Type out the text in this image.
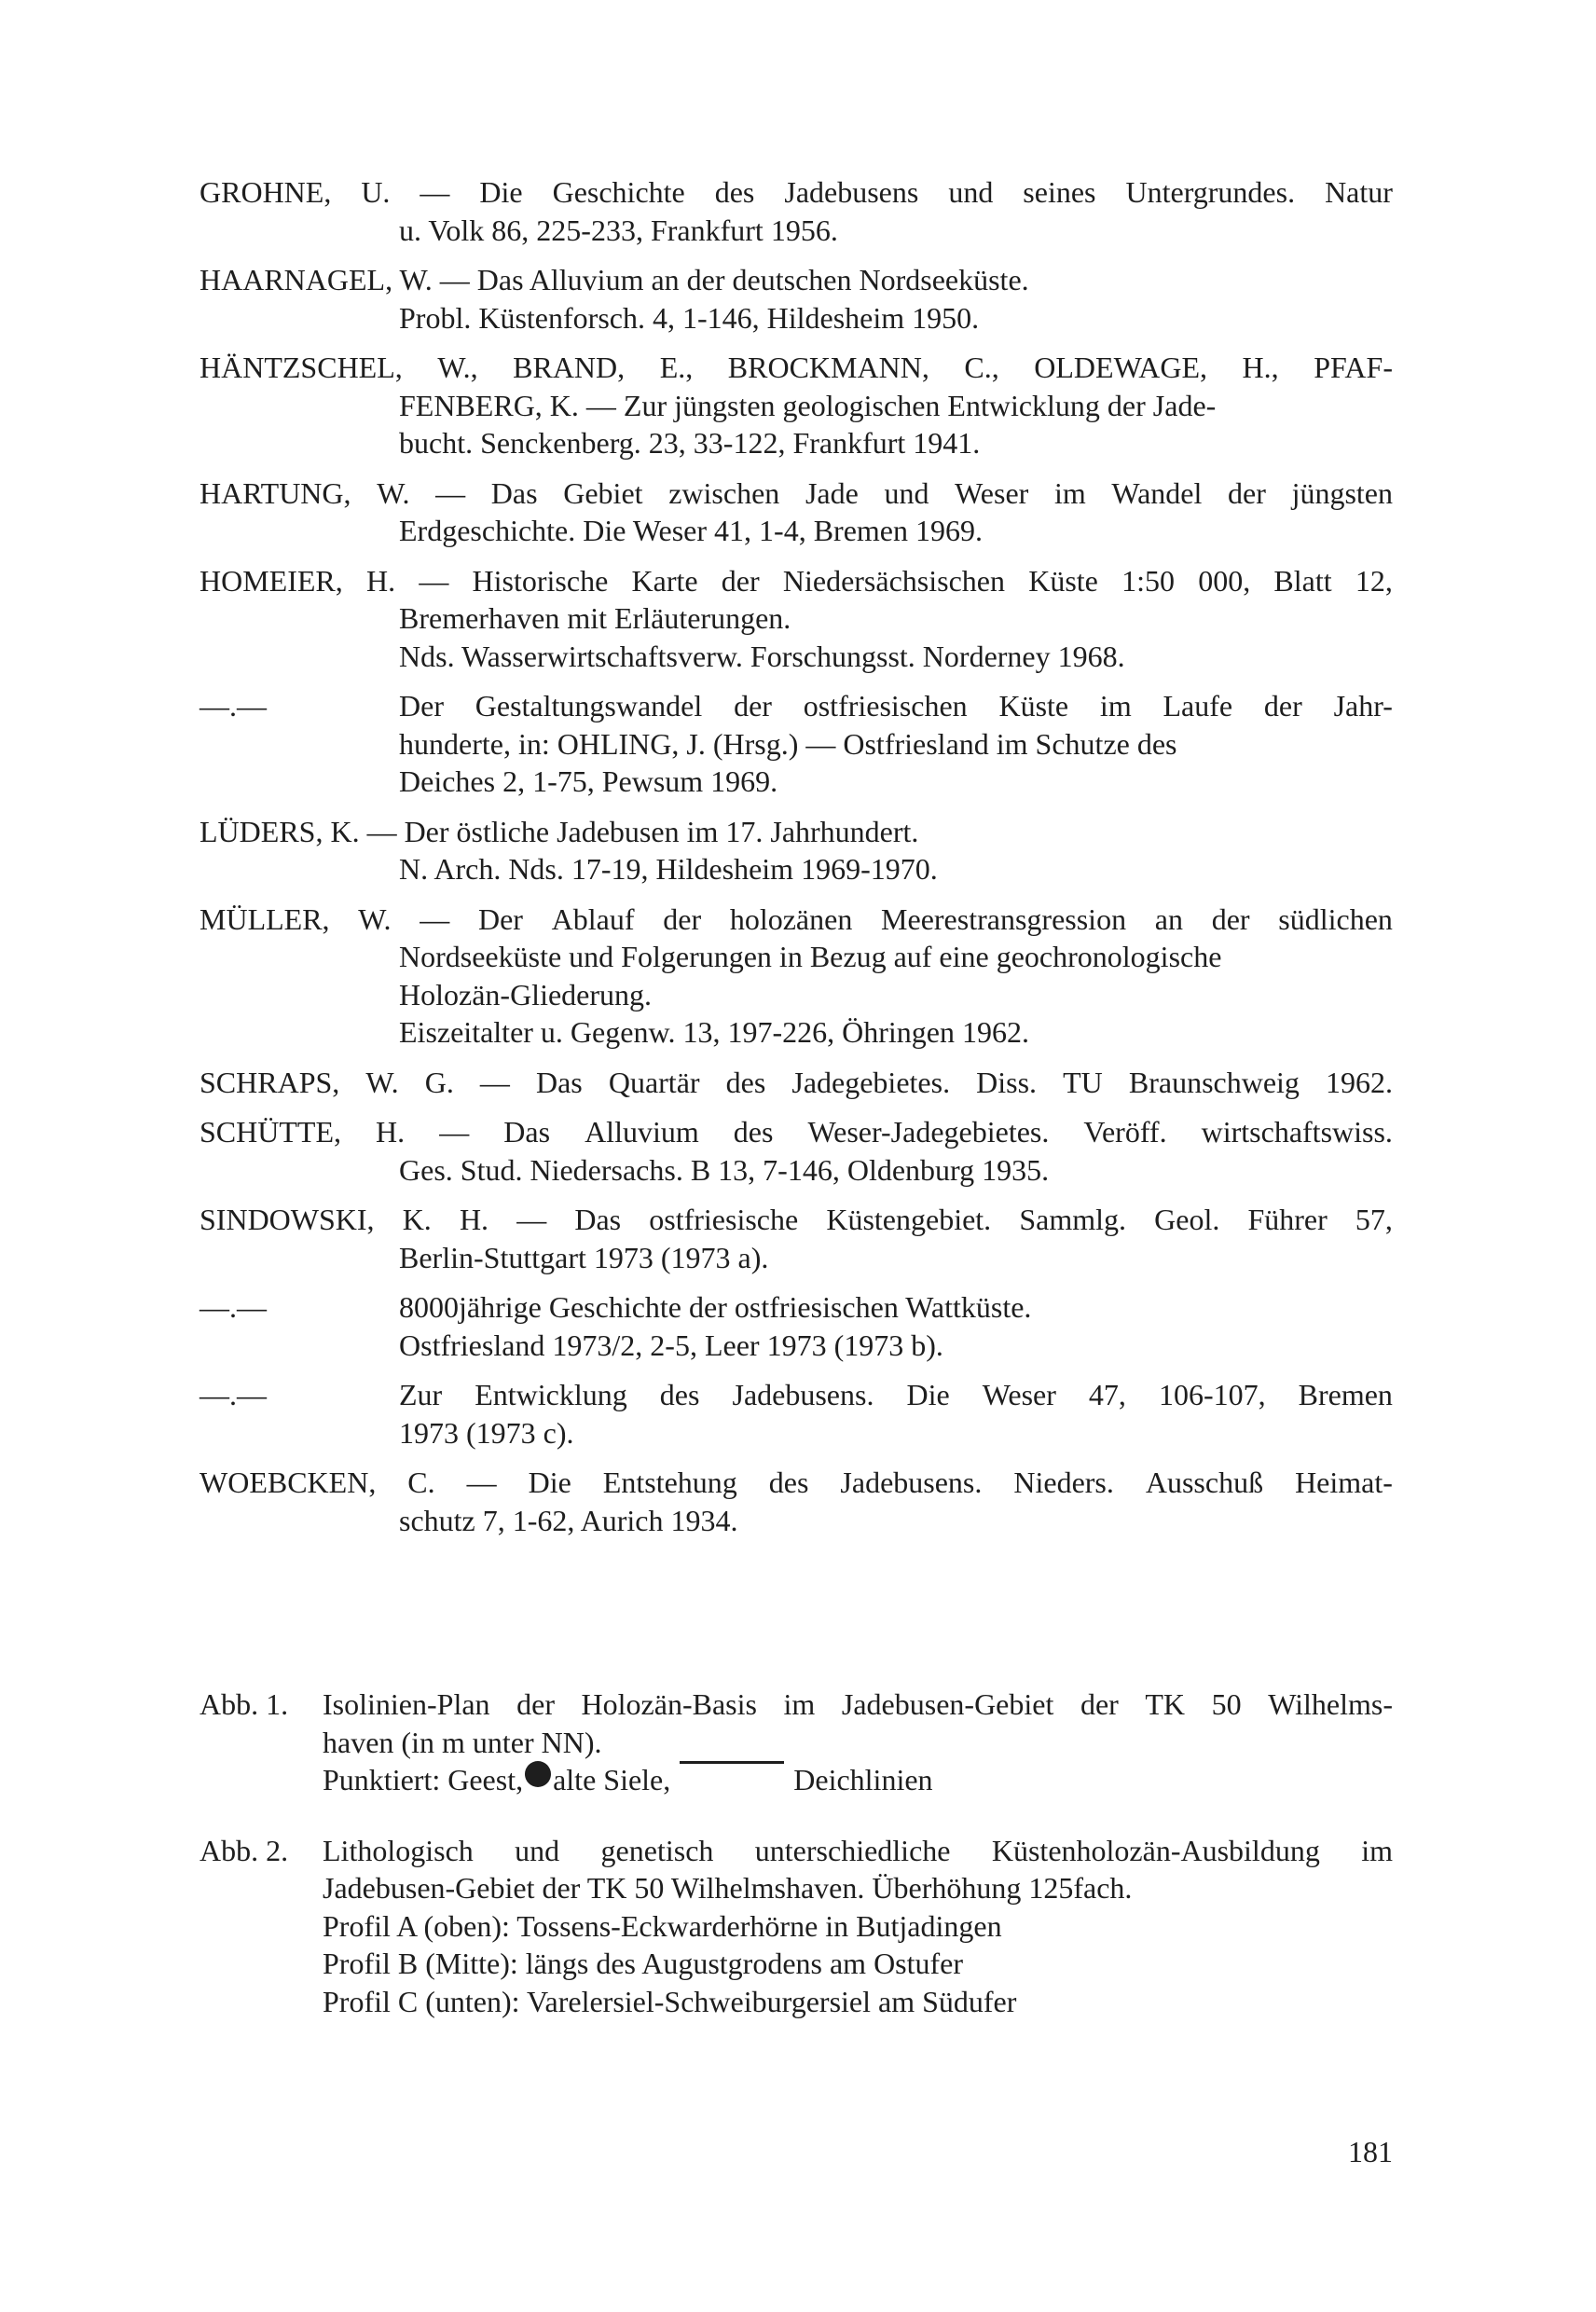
GROHNE, U. — Die Geschichte des Jadebusens und seines Untergrundes. Natur
u. Volk 86, 225-233, Frankfurt 1956.
HAARNAGEL, W. — Das Alluvium an der deutschen Nordseeküste.
Probl. Küstenforsch. 4, 1-146, Hildesheim 1950.
HÄNTZSCHEL, W., BRAND, E., BROCKMANN, C., OLDEWAGE, H., PFAF-
FENBERG, K. — Zur jüngsten geologischen Entwicklung der Jade-
bucht. Senckenberg. 23, 33-122, Frankfurt 1941.
HARTUNG, W. — Das Gebiet zwischen Jade und Weser im Wandel der jüngsten
Erdgeschichte. Die Weser 41, 1-4, Bremen 1969.
HOMEIER, H. — Historische Karte der Niedersächsischen Küste 1:50 000, Blatt 12,
Bremerhaven mit Erläuterungen.
Nds. Wasserwirtschaftsverw. Forschungsst. Norderney 1968.
—.—	Der Gestaltungswandel der ostfriesischen Küste im Laufe der Jahr-
hunderte, in: OHLING, J. (Hrsg.) — Ostfriesland im Schutze des
Deiches 2, 1-75, Pewsum 1969.
LÜDERS, K. — Der östliche Jadebusen im 17. Jahrhundert.
N. Arch. Nds. 17-19, Hildesheim 1969-1970.
MÜLLER, W. — Der Ablauf der holozänen Meerestransgression an der südlichen
Nordseeküste und Folgerungen in Bezug auf eine geochronologische
Holozän-Gliederung.
Eiszeitalter u. Gegenw. 13, 197-226, Öhringen 1962.
SCHRAPS, W. G. — Das Quartär des Jadegebietes. Diss. TU Braunschweig 1962.
SCHÜTTE, H. — Das Alluvium des Weser-Jadegebietes. Veröff. wirtschaftswiss.
Ges. Stud. Niedersachs. B 13, 7-146, Oldenburg 1935.
SINDOWSKI, K. H. — Das ostfriesische Küstengebiet. Sammlg. Geol. Führer 57,
Berlin-Stuttgart 1973 (1973 a).
—.—	8000jährige Geschichte der ostfriesischen Wattküste.
Ostfriesland 1973/2, 2-5, Leer 1973 (1973 b).
—.—	Zur Entwicklung des Jadebusens. Die Weser 47, 106-107, Bremen
1973 (1973 c).
WOEBCKEN, C. — Die Entstehung des Jadebusens. Nieders. Ausschuß Heimat-
schutz 7, 1-62, Aurich 1934.
Abb. 1.	Isolinien-Plan der Holozän-Basis im Jadebusen-Gebiet der TK 50 Wilhelms-
haven (in m unter NN).
Punktiert: Geest, alte Siele,	Deichlinien
Abb. 2.	Lithologisch und genetisch unterschiedliche Küstenholozän-Ausbildung im
Jadebusen-Gebiet der TK 50 Wilhelmshaven. Überhöhung 125fach.
Profil A (oben): Tossens-Eckwarderhörne in Butjadingen
Profil B (Mitte): längs des Augustgrodens am Ostufer
Profil C (unten): Varelersiel-Schweiburgersiel am Südufer
181
